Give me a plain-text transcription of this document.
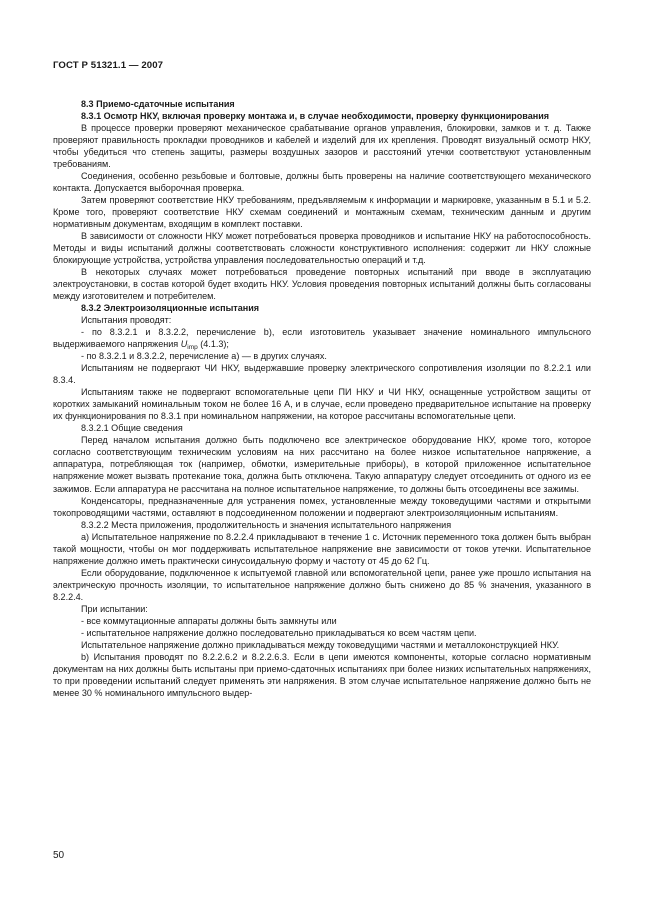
ГОСТ Р 51321.1 — 2007

8.3 Приемо-сдаточные испытания

8.3.1 Осмотр НКУ, включая проверку монтажа и, в случае необходимости, проверку функционирования

В процессе проверки проверяют механическое срабатывание органов управления, блокировки, замков и т. д. Также проверяют правильность прокладки проводников и кабелей и изделий для их крепления. Проводят визуальный осмотр НКУ, чтобы убедиться что степень защиты, размеры воздушных зазоров и расстояний утечки соответствуют установленным требованиям.

Соединения, особенно резьбовые и болтовые, должны быть проверены на наличие соответствующего механического контакта. Допускается выборочная проверка.

Затем проверяют соответствие НКУ требованиям, предъявляемым к информации и маркировке, указанным в 5.1 и 5.2. Кроме того, проверяют соответствие НКУ схемам соединений и монтажным схемам, техническим данным и другим нормативным документам, входящим в комплект поставки.

В зависимости от сложности НКУ может потребоваться проверка проводников и испытание НКУ на работоспособность. Методы и виды испытаний должны соответствовать сложности конструктивного исполнения: содержит ли НКУ сложные блокирующие устройства, устройства управления последовательностью операций и т.д.

В некоторых случаях может потребоваться проведение повторных испытаний при вводе в эксплуатацию электроустановки, в состав которой будет входить НКУ. Условия проведения повторных испытаний должны быть согласованы между изготовителем и потребителем.

8.3.2 Электроизоляционные испытания

Испытания проводят:

- по 8.3.2.1 и 8.3.2.2, перечисление b), если изготовитель указывает значение номинального импульсного выдерживаемого напряжения $U_{imp}$ (4.1.3);

- по 8.3.2.1 и 8.3.2.2, перечисление а) — в других случаях.

Испытаниям не подвергают ЧИ НКУ, выдержавшие проверку электрического сопротивления изоляции по 8.2.2.1 или 8.3.4.

Испытаниям также не подвергают вспомогательные цепи ПИ НКУ и ЧИ НКУ, оснащенные устройством защиты от коротких замыканий номинальным током не более 16 А, и в случае, если проведено предварительное испытание на проверку их функционирования по 8.3.1 при номинальном напряжении, на которое рассчитаны вспомогательные цепи.

8.3.2.1 Общие сведения

Перед началом испытания должно быть подключено все электрическое оборудование НКУ, кроме того, которое согласно соответствующим техническим условиям на них рассчитано на более низкое испытательное напряжение, а аппаратура, потребляющая ток (например, обмотки, измерительные приборы), в которой приложенное испытательное напряжение может вызвать протекание тока, должна быть отключена. Такую аппаратуру следует отсоединить от одного из ее зажимов. Если аппаратура не рассчитана на полное испытательное напряжение, то должны быть отсоединены все зажимы.

Конденсаторы, предназначенные для устранения помех, установленные между токоведущими частями и открытыми токопроводящими частями, оставляют в подсоединенном положении и подвергают электроизоляционным испытаниям.

8.3.2.2 Места приложения, продолжительность и значения испытательного напряжения

а) Испытательное напряжение по 8.2.2.4 прикладывают в течение 1 с. Источник переменного тока должен быть выбран такой мощности, чтобы он мог поддерживать испытательное напряжение вне зависимости от токов утечки. Испытательное напряжение должно иметь практически синусоидальную форму и частоту от 45 до 62 Гц.

Если оборудование, подключенное к испытуемой главной или вспомогательной цепи, ранее уже прошло испытания на электрическую прочность изоляции, то испытательное напряжение должно быть снижено до 85 % значения, указанного в 8.2.2.4.

При испытании:

- все коммутационные аппараты должны быть замкнуты или

- испытательное напряжение должно последовательно прикладываться ко всем частям цепи.

Испытательное напряжение должно прикладываться между токоведущими частями и металлоконструкцией НКУ.

b) Испытания проводят по 8.2.2.6.2 и 8.2.2.6.3. Если в цепи имеются компоненты, которые согласно нормативным документам на них должны быть испытаны при приемо-сдаточных испытаниях при более низких испытательных напряжениях, то при проведении испытаний следует применять эти напряжения. В этом случае испытательное напряжение должно быть не менее 30 % номинального импульсного выдер-

50
